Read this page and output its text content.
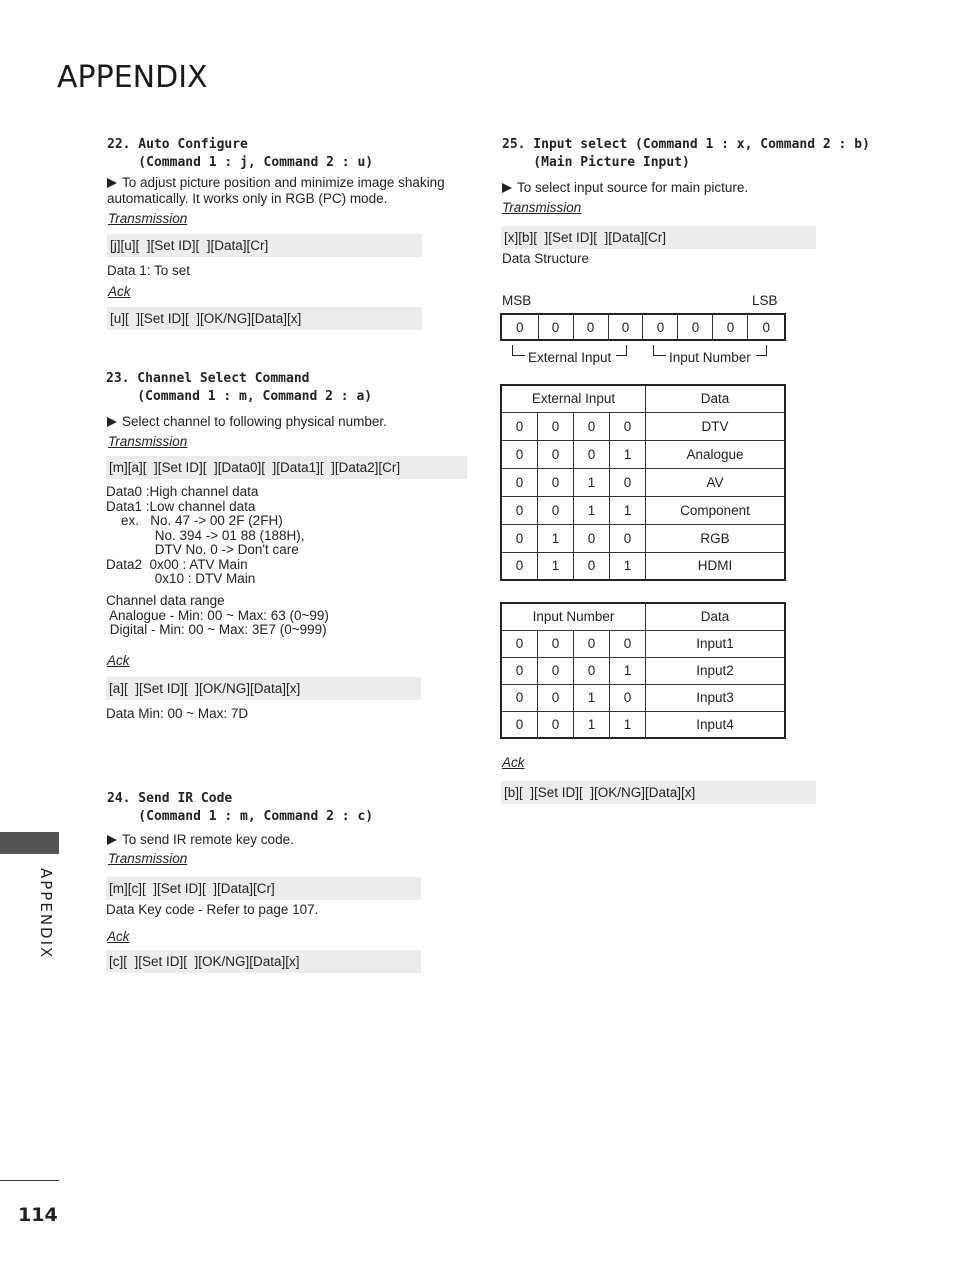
APPENDIX
APPENDIX
114
22. Auto Configure
(Command 1 : j, Command 2 : u)
To adjust picture position and minimize image shaking automatically. It works only in RGB (PC) mode.
Transmission
[j][u][  ][Set ID][  ][Data][Cr]
Data 1: To set
Ack
[u][  ][Set ID][  ][OK/NG][Data][x]
23. Channel Select Command
(Command 1 : m, Command 2 : a)
Select channel to following physical number.
Transmission
[m][a][  ][Set ID][  ][Data0][  ][Data1][  ][Data2][Cr]
Data0 :High channel data
Data1 :Low channel data
ex.   No. 47 -> 00 2F (2FH)
No. 394 -> 01 88 (188H),
DTV No. 0 -> Don't care
Data2  0x00 : ATV Main
0x10 : DTV Main
Channel data range
Analogue - Min: 00 ~ Max: 63 (0~99)
Digital - Min: 00 ~ Max: 3E7 (0~999)
Ack
[a][  ][Set ID][  ][OK/NG][Data][x]
Data Min: 00 ~ Max: 7D
24. Send IR Code
(Command 1 : m, Command 2 : c)
To send IR remote key code.
Transmission
[m][c][  ][Set ID][  ][Data][Cr]
Data Key code - Refer to page 107.
Ack
[c][  ][Set ID][  ][OK/NG][Data][x]
25. Input select (Command 1 : x, Command 2 : b)
(Main Picture Input)
To select input source for main picture.
Transmission
[x][b][  ][Set ID][  ][Data][Cr]
Data Structure
MSB	LSB
0	0	0	0	0	0	0	0
External Input	Input Number
External Input				Data
0	0	0	0	DTV
0	0	0	1	Analogue
0	0	1	0	AV
0	0	1	1	Component
0	1	0	0	RGB
0	1	0	1	HDMI
Input Number				Data
0	0	0	0	Input1
0	0	0	1	Input2
0	0	1	0	Input3
0	0	1	1	Input4
Ack
[b][  ][Set ID][  ][OK/NG][Data][x]
